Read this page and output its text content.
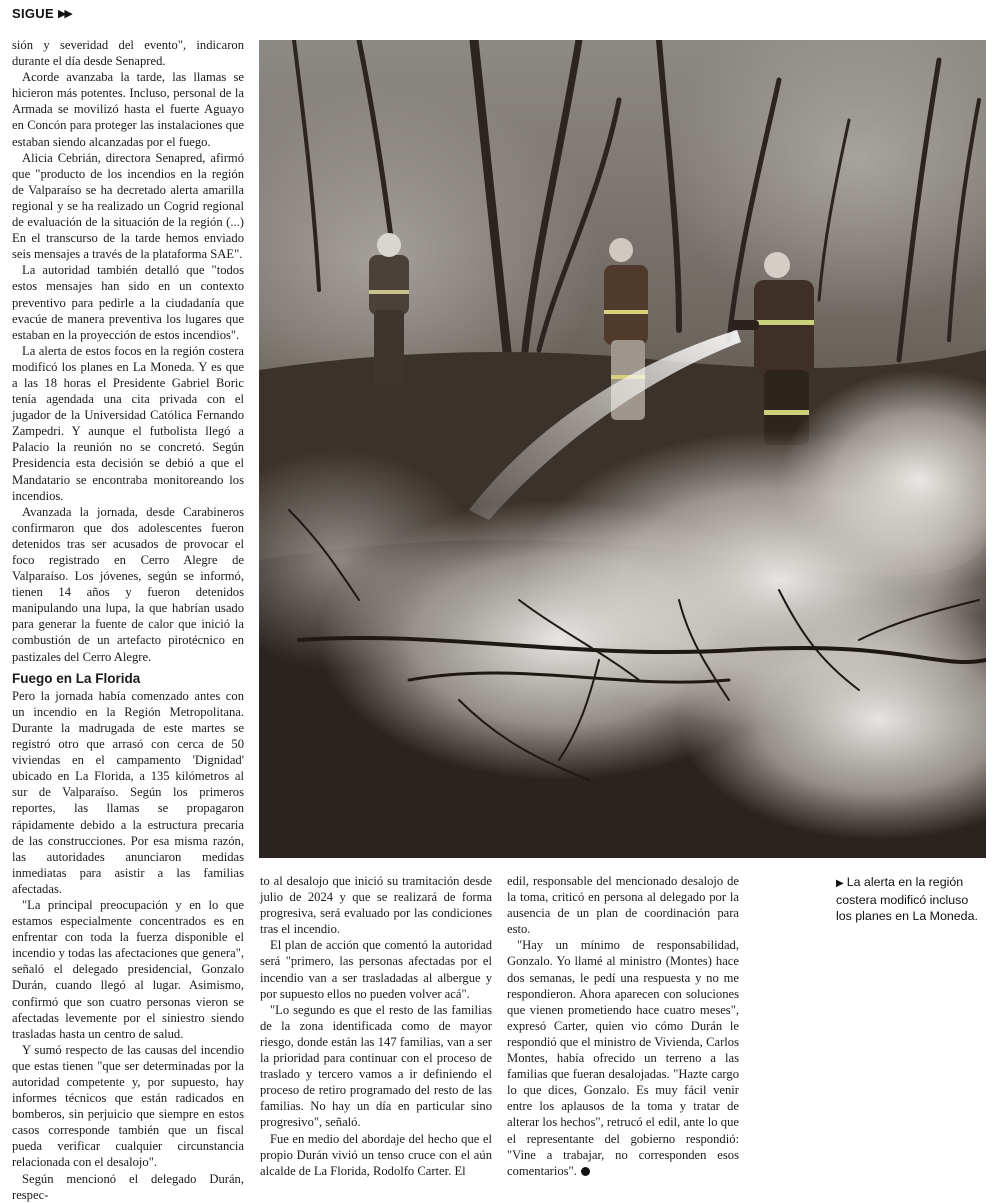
SIGUE ▶▶

sión y severidad del evento", indicaron durante el día desde Senapred.

Acorde avanzaba la tarde, las llamas se hicieron más potentes. Incluso, personal de la Armada se movilizó hasta el fuerte Aguayo en Concón para proteger las instalaciones que estaban siendo alcanzadas por el fuego.

Alicia Cebrián, directora Senapred, afirmó que "producto de los incendios en la región de Valparaíso se ha decretado alerta amarilla regional y se ha realizado un Cogrid regional de evaluación de la situación de la región (...) En el transcurso de la tarde hemos enviado seis mensajes a través de la plataforma SAE".

La autoridad también detalló que "todos estos mensajes han sido en un contexto preventivo para pedirle a la ciudadanía que evacúe de manera preventiva los lugares que estaban en la proyección de estos incendios".

La alerta de estos focos en la región costera modificó los planes en La Moneda. Y es que a las 18 horas el Presidente Gabriel Boric tenía agendada una cita privada con el jugador de la Universidad Católica Fernando Zampedri. Y aunque el futbolista llegó a Palacio la reunión no se concretó. Según Presidencia esta decisión se debió a que el Mandatario se encontraba monitoreando los incendios.

Avanzada la jornada, desde Carabineros confirmaron que dos adolescentes fueron detenidos tras ser acusados de provocar el foco registrado en Cerro Alegre de Valparaíso. Los jóvenes, según se informó, tienen 14 años y fueron detenidos manipulando una lupa, la que habrían usado para generar la fuente de calor que inició la combustión de un artefacto pirotécnico en pastizales del Cerro Alegre.

Fuego en La Florida

Pero la jornada había comenzado antes con un incendio en la Región Metropolitana. Durante la madrugada de este martes se registró otro que arrasó con cerca de 50 viviendas en el campamento 'Dignidad' ubicado en La Florida, a 135 kilómetros al sur de Valparaíso. Según los primeros reportes, las llamas se propagaron rápidamente debido a la estructura precaria de las construcciones. Por esa misma razón, las autoridades anunciaron medidas inmediatas para asistir a las familias afectadas.

"La principal preocupación y en lo que estamos especialmente concentrados es en enfrentar con toda la fuerza disponible el incendio y todas las afectaciones que genera", señaló el delegado presidencial, Gonzalo Durán, cuando llegó al lugar. Asimismo, confirmó que son cuatro personas vieron se afectadas levemente por el siniestro siendo trasladas hasta un centro de salud.

Y sumó respecto de las causas del incendio que estas tienen "que ser determinadas por la autoridad competente y, por supuesto, hay informes técnicos que están radicados en bomberos, sin perjuicio que siempre en estos casos corresponde también que un fiscal pueda verificar cualquier circunstancia relacionada con el desalojo".

Según mencionó el delegado Durán, respec-

to al desalojo que inició su tramitación desde julio de 2024 y que se realizará de forma progresiva, será evaluado por las condiciones tras el incendio.

El plan de acción que comentó la autoridad será "primero, las personas afectadas por el incendio van a ser trasladadas al albergue y por supuesto ellos no pueden volver acá".

"Lo segundo es que el resto de las familias de la zona identificada como de mayor riesgo, donde están las 147 familias, van a ser la prioridad para continuar con el proceso de traslado y tercero vamos a ir definiendo el proceso de retiro programado del resto de las familias. No hay un día en particular sino progresivo", señaló.

Fue en medio del abordaje del hecho que el propio Durán vivió un tenso cruce con el aún alcalde de La Florida, Rodolfo Carter. El

edil, responsable del mencionado desalojo de la toma, criticó en persona al delegado por la ausencia de un plan de coordinación para esto.

"Hay un mínimo de responsabilidad, Gonzalo. Yo llamé al ministro (Montes) hace dos semanas, le pedí una respuesta y no me respondieron. Ahora aparecen con soluciones que vienen prometiendo hace cuatro meses", expresó Carter, quien vio cómo Durán le respondió que el ministro de Vivienda, Carlos Montes, había ofrecido un terreno a las familias que fueran desalojadas. "Hazte cargo lo que dices, Gonzalo. Es muy fácil venir entre los aplausos de la toma y tratar de alterar los hechos", retrucó el edil, ante lo que el representante del gobierno respondió: "Vine a trabajar, no corresponden esos comentarios".

▶ La alerta en la región costera modificó incluso los planes en La Moneda.
